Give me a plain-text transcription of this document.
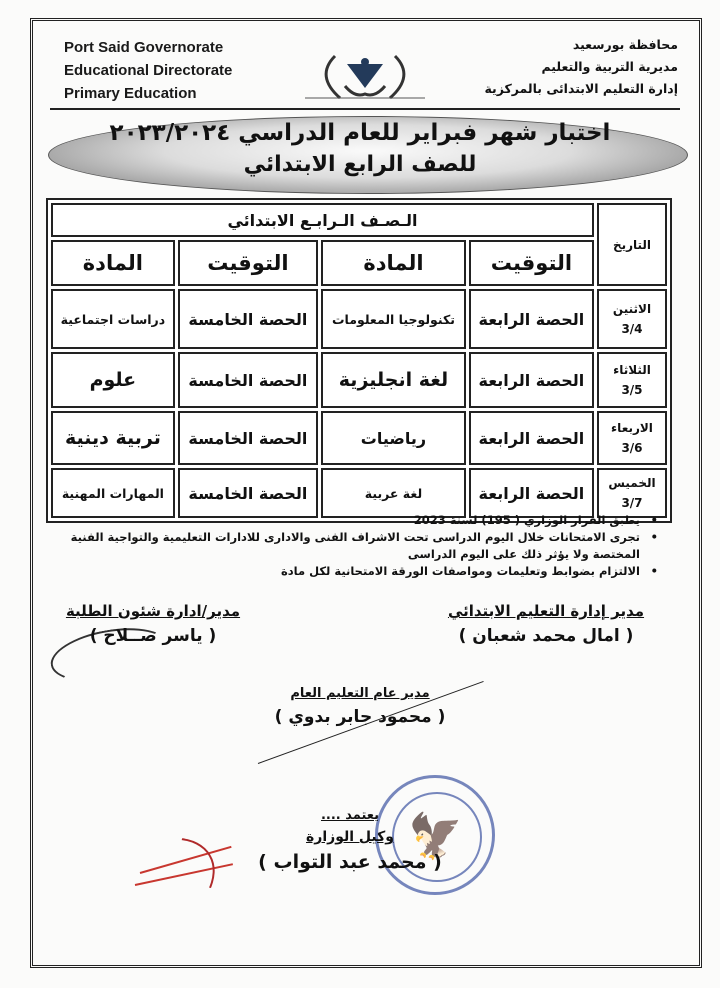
Port Said Governorate
Educational Directorate
Primary Education
محافظة بورسعيد
مديرية التربية والتعليم
إدارة التعليم الابتدائى بالمركزية
اختبار شهر فبراير للعام الدراسي ٢٠٢٣/٢٠٢٤
للصف الرابع الابتدائي
التاريخ	الـصـف الـرابـع الابتدائي			
	التوقيت	المادة	التوقيت	المادة

الاثنين
3/4	الحصة الرابعة	تكنولوجيا المعلومات	الحصة الخامسة	دراسات اجتماعية

الثلاثاء
3/5	الحصة الرابعة	لغة انجليزية	الحصة الخامسة	علوم

الاربعاء
3/6	الحصة الرابعة	رياضيات	الحصة الخامسة	تربية دينية

الخميس
3/7	الحصة الرابعة	لغة عربية	الحصة الخامسة	المهارات المهنية
• يطبق القرار الوزاري ( 195) لسنة 2023
• تجرى الامتحانات خلال اليوم الدراسى تحت الاشراف الفنى والادارى للادارات التعليمية والتواجية الفنية المختصة ولا يؤثر ذلك على اليوم الدراسى
• الالتزام بضوابط وتعليمات ومواصفات الورقة الامتحانية لكل مادة
مدير إدارة التعليم الابتدائي
( امال محمد شعبان )
مدير/ادارة شئون الطلبة
( ياسر صــلاح )
مدير عام التعليم العام
( محمود جابر بدوي )
🦅
يعتمد ....
وكيل الوزارة
( محمد عبد التواب )
